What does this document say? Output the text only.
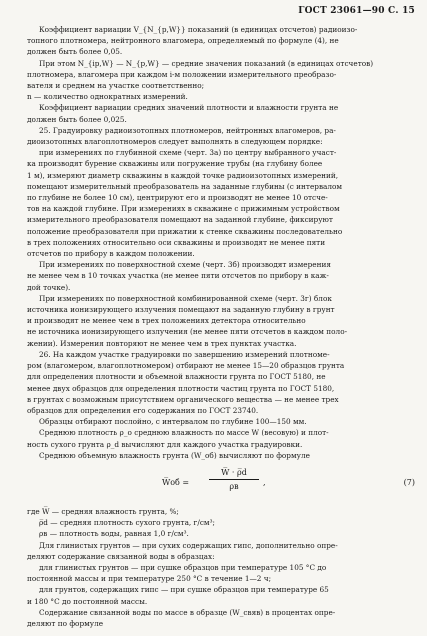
ГОСТ 23061—90 С. 15

Коэффициент вариации V_{N_{p,W}} показаний (в единицах отсчетов) радиоизо-

топного плотномера, нейтронного влагомера, определяемый по формуле (4), не

должен быть более 0,05.

При этом N_{ip,W} — N_{p,W} — средние значения показаний (в единицах отсчетов)

плотномера, влагомера при каждом i-м положении измерительного преобразо-

вателя и среднем на участке соответственно;

n — количество однократных измерений.

Коэффициент вариации средних значений плотности и влажности грунта не

должен быть более 0,025.

25. Градуировку радиоизотопных плотномеров, нейтронных влагомеров, ра-

диоизотопных влагоплотномеров следует выполнять в следующем порядке:

при измерениях по глубинной схеме (черт. 3а) по центру выбранного участ-

ка производят бурение скважины или погружение трубы (на глубину более

1 м), измеряют диаметр скважины в каждой точке радиоизотопных измерений,

помещают измерительный преобразователь на заданные глубины (с интервалом

по глубине не более 10 см), центрируют его и производят не менее 10 отсче-

тов на каждой глубине. При измерениях в скважине с прижимным устройством

измерительного преобразователя помещают на заданной глубине, фиксируют

положение преобразователя при прижатии к стенке скважины последовательно

в трех положениях относительно оси скважины и производят не менее пяти

отсчетов по прибору в каждом положении.

При измерениях по поверхностной схеме (черт. 3б) производят измерения

не менее чем в 10 точках участка (не менее пяти отсчетов по прибору в каж-

дой точке).

При измерениях по поверхностной комбинированной схеме (черт. 3г) блок

источника ионизирующего излучения помещают на заданную глубину в грунт

и производят не менее чем в трех положениях детектора относительно

не источника ионизирующего излучения (не менее пяти отсчетов в каждом поло-

жении). Измерения повторяют не менее чем в трех пунктах участка.

26. На каждом участке градуировки по завершению измерений плотноме-

ром (влагомером, влагоплотномером) отбирают не менее 15—20 образцов грунта

для определения плотности и объемной влажности грунта по ГОСТ 5180, не

менее двух образцов для определения плотности частиц грунта по ГОСТ 5180,

в грунтах с возможным присутствием органического вещества — не менее трех

образцов для определения его содержания по ГОСТ 23740.

Образцы отбирают послойно, с интервалом по глубине 100—150 мм.

Среднюю плотность ρ_o среднюю влажность по массе W (весовую) и плот-

ность сухого грунта ρ_d вычисляют для каждого участка градуировки.

Среднюю объемную влажность грунта (W_об) вычисляют по формуле

W̅об =
W̅ · ρ̅d
ρв	,	(7)

где W̅ — средняя влажность грунта, %;

ρ̅d — средняя плотность сухого грунта, г/см³;

ρв — плотность воды, равная 1,0 г/см³.

Для глинистых грунтов — при сухих содержащих гипс, дополнительно опре-

деляют содержание связанной воды в образцах:

для глинистых грунтов — при сушке образцов при температуре 105 °С до

постоянной массы и при температуре 250 °С в течение 1—2 ч;

для грунтов, содержащих гипс — при сушке образцов при температуре 65

и 180 °С до постоянной массы.

Содержание связанной воды по массе в образце (W_свяв) в процентах опре-

деляют по формуле
